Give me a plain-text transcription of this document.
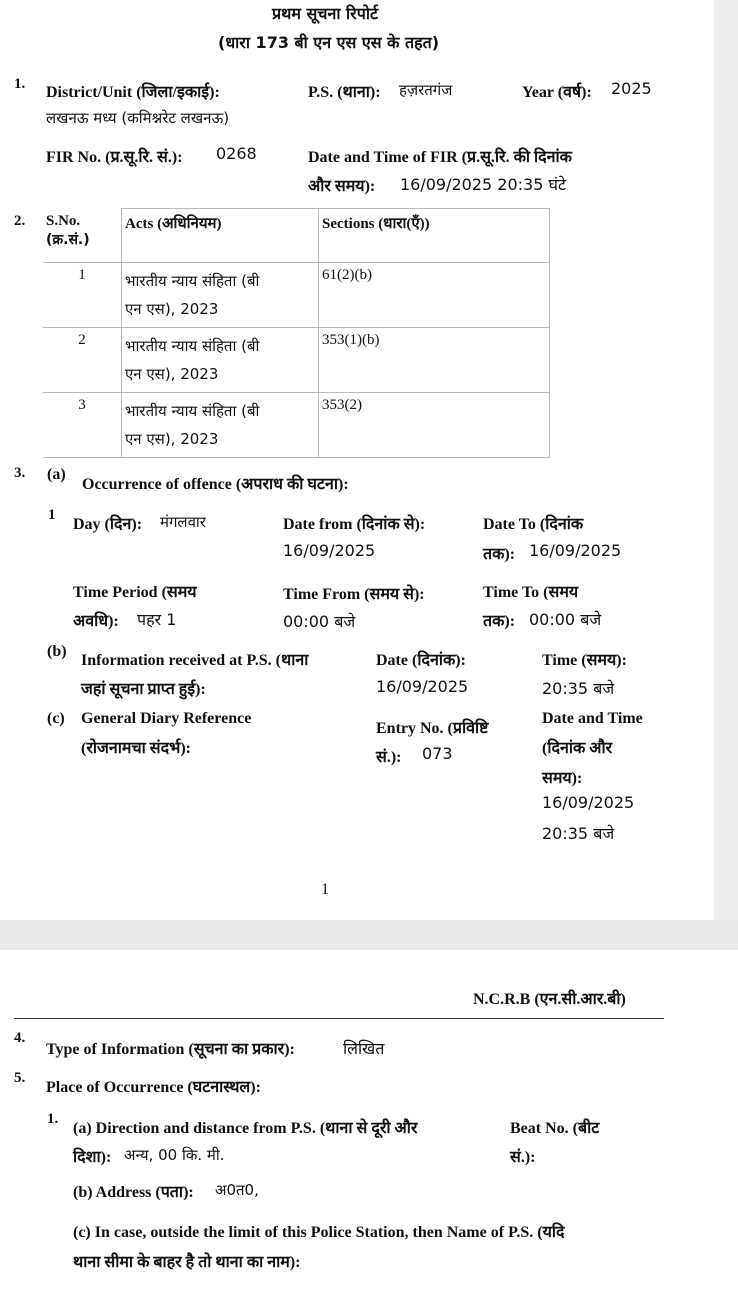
प्रथम सूचना रिपोर्ट
(धारा 173 बी एन एस एस के तहत)
1. District/Unit (जिला/इकाई):
लखनऊ मध्य (कमिश्नरेट लखनऊ)
P.S. (थाना): हज़रतगंज	Year (वर्ष): 2025
FIR No. (प्र.सू.रि. सं.): 0268	Date and Time of FIR (प्र.सू.रि. की दिनांक
और समय): 16/09/2025 20:35 घंटे
2. S.No.
(क्र.सं.)	Acts (अधिनियम)	Sections (धारा(एँ))
1	भारतीय न्याय संहिता (बी
एन एस), 2023	61(2)(b)
2	भारतीय न्याय संहिता (बी
एन एस), 2023	353(1)(b)
3	भारतीय न्याय संहिता (बी
एन एस), 2023	353(2)
3. (a)
Occurrence of offence (अपराध की घटना):
1
Day (दिन): मंगलवार	Date from (दिनांक से):
16/09/2025
Date To (दिनांक
तक): 16/09/2025
Time Period (समय
अवधि): पहर 1
Time From (समय से):
00:00 बजे
Time To (समय
तक): 00:00 बजे
(b)
Information received at P.S. (थाना
जहां सूचना प्राप्त हुई):
Date (दिनांक):
16/09/2025
Time (समय):
20:35 बजे
(c) General Diary Reference
(रोजनामचा संदर्भ):
Entry No. (प्रविष्टि
सं.): 073
Date and Time
(दिनांक और
समय):
16/09/2025
20:35 बजे
1
N.C.R.B (एन.सी.आर.बी)
4.
Type of Information (सूचना का प्रकार):	लिखित
5.
Place of Occurrence (घटनास्थल):
1.
(a) Direction and distance from P.S. (थाना से दूरी और
दिशा): अन्य, 00 कि. मी.
Beat No. (बीट
सं.):
(b) Address (पता): अ0त0,
(c) In case, outside the limit of this Police Station, then Name of P.S. (यदि
थाना सीमा के बाहर है तो थाना का नाम):
